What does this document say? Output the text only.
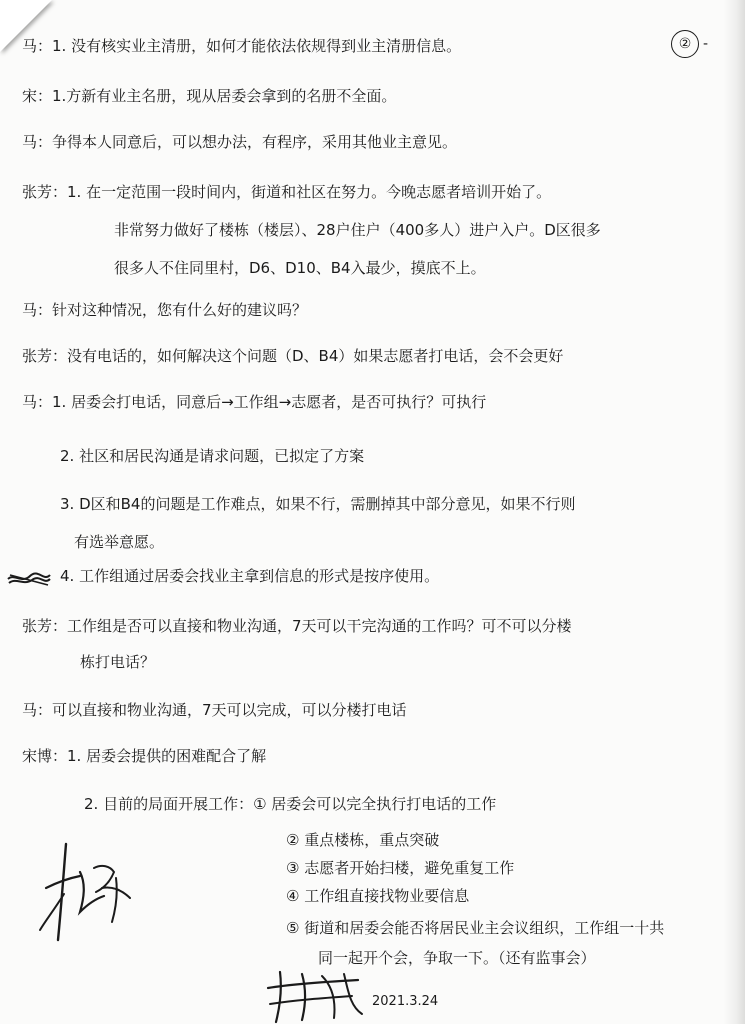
② -

马：1. 没有核实业主清册，如何才能依法依规得到业主清册信息。

宋：1.方新有业主名册，现从居委会拿到的名册不全面。

马：争得本人同意后，可以想办法，有程序，采用其他业主意见。

张芳：1. 在一定范围一段时间内，街道和社区在努力。今晚志愿者培训开始了。

非常努力做好了楼栋（楼层）、28户住户（400多人）进户入户。D区很多

很多人不住同里村，D6、D10、B4入最少，摸底不上。

马：针对这种情况，您有什么好的建议吗？

张芳：没有电话的，如何解决这个问题（D、B4）如果志愿者打电话，会不会更好

马：1. 居委会打电话，同意后→工作组→志愿者，是否可执行？可执行

2. 社区和居民沟通是请求问题，已拟定了方案

3. D区和B4的问题是工作难点，如果不行，需删掉其中部分意见，如果不行则

有选举意愿。

4. 工作组通过居委会找业主拿到信息的形式是按序使用。

张芳：工作组是否可以直接和物业沟通，7天可以干完沟通的工作吗？可不可以分楼

栋打电话？

马：可以直接和物业沟通，7天可以完成，可以分楼打电话

宋博：1. 居委会提供的困难配合了解

2. 目前的局面开展工作：① 居委会可以完全执行打电话的工作

② 重点楼栋，重点突破

③ 志愿者开始扫楼，避免重复工作

④ 工作组直接找物业要信息

⑤ 街道和居委会能否将居民业主会议组织，工作组一十共

同一起开个会，争取一下。（还有监事会）

2021.3.24
